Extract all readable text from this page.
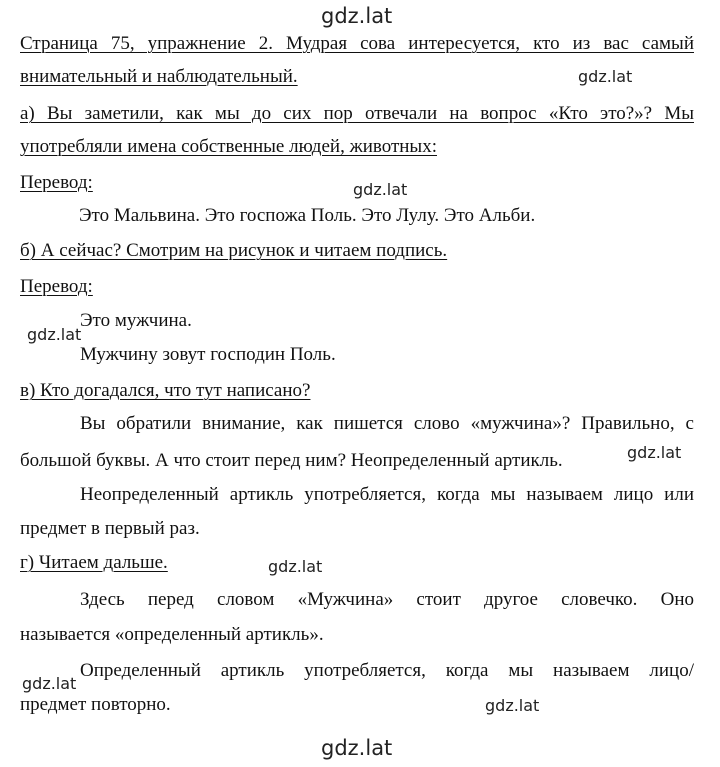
gdz.lat
gdz.lat
gdz.lat
gdz.lat
gdz.lat
gdz.lat
gdz.lat
gdz.lat
gdz.lat
Страница 75, упражнение 2. Мудрая сова интересуется, кто из вас самый
внимательный и наблюдательный.
а) Вы заметили, как мы до сих пор отвечали на вопрос «Кто это?»? Мы
употребляли имена собственные людей, животных:
Перевод:
Это Мальвина. Это госпожа Поль. Это Лулу. Это Альби.
б) А сейчас? Смотрим на рисунок и читаем подпись.
Перевод:
Это мужчина.
Мужчину зовут господин Поль.
в) Кто догадался, что тут написано?
Вы обратили внимание, как пишется слово «мужчина»? Правильно, с
большой буквы. А что стоит перед ним? Неопределенный артикль.
Неопределенный артикль употребляется, когда мы называем лицо или
предмет в первый раз.
г) Читаем дальше.
Здесь перед словом «Мужчина» стоит другое словечко. Оно
называется «определенный артикль».
Определенный артикль употребляется, когда мы называем лицо/
предмет повторно.
